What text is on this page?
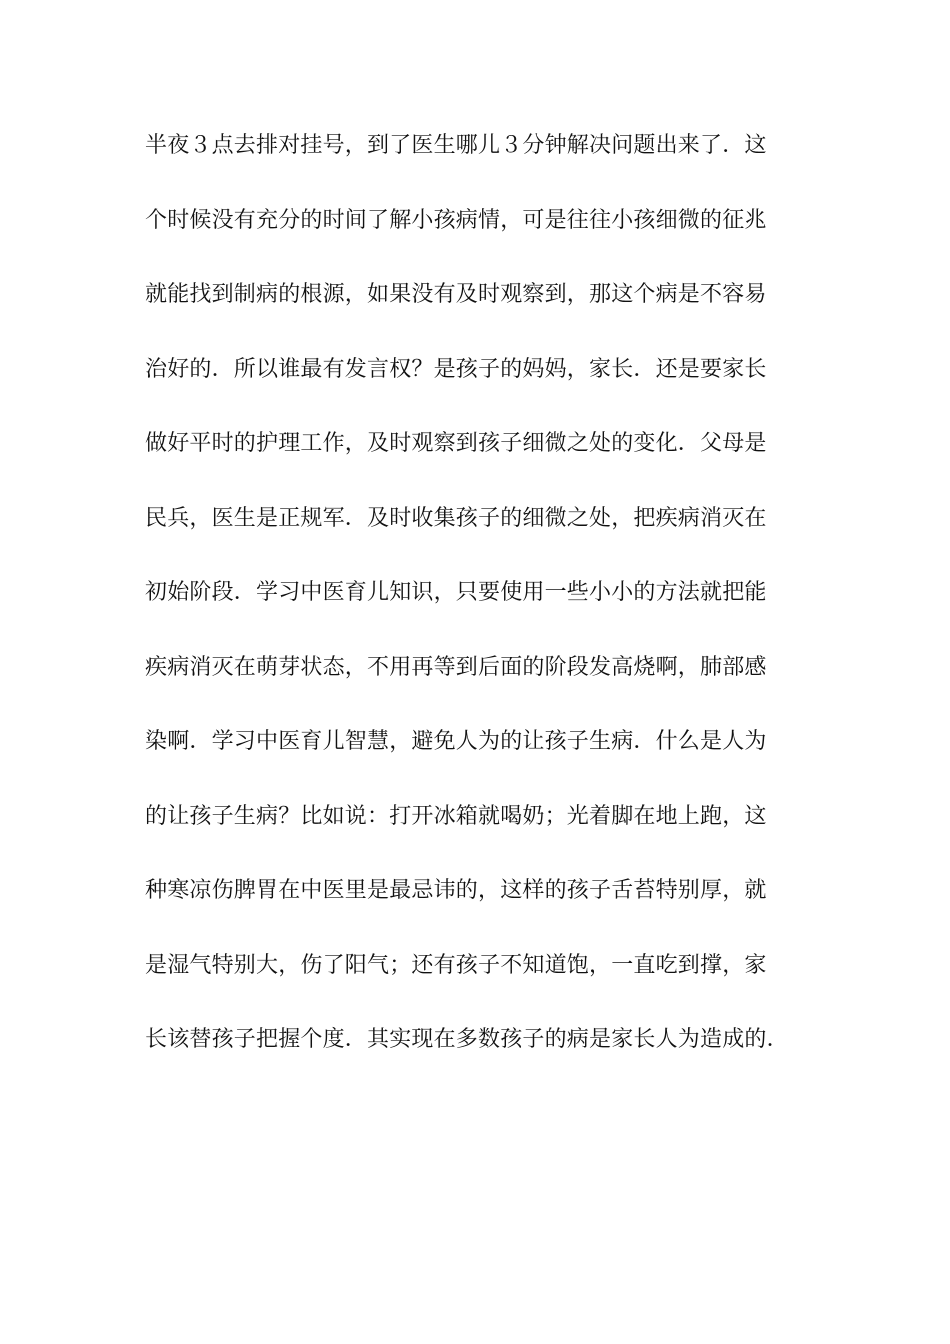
半夜３点去排对挂号，到了医生哪儿３分钟解决问题出来了．这
个时候没有充分的时间了解小孩病情，可是往往小孩细微的征兆
就能找到制病的根源，如果没有及时观察到，那这个病是不容易
治好的．所以谁最有发言权？是孩子的妈妈，家长．还是要家长
做好平时的护理工作，及时观察到孩子细微之处的变化．父母是
民兵，医生是正规军．及时收集孩子的细微之处，把疾病消灭在
初始阶段．学习中医育儿知识，只要使用一些小小的方法就把能
疾病消灭在萌芽状态，不用再等到后面的阶段发高烧啊，肺部感
染啊．学习中医育儿智慧，避免人为的让孩子生病．什么是人为
的让孩子生病？比如说：打开冰箱就喝奶；光着脚在地上跑，这
种寒凉伤脾胃在中医里是最忌讳的，这样的孩子舌苔特别厚，就
是湿气特别大，伤了阳气；还有孩子不知道饱，一直吃到撑，家
长该替孩子把握个度．其实现在多数孩子的病是家长人为造成的．
